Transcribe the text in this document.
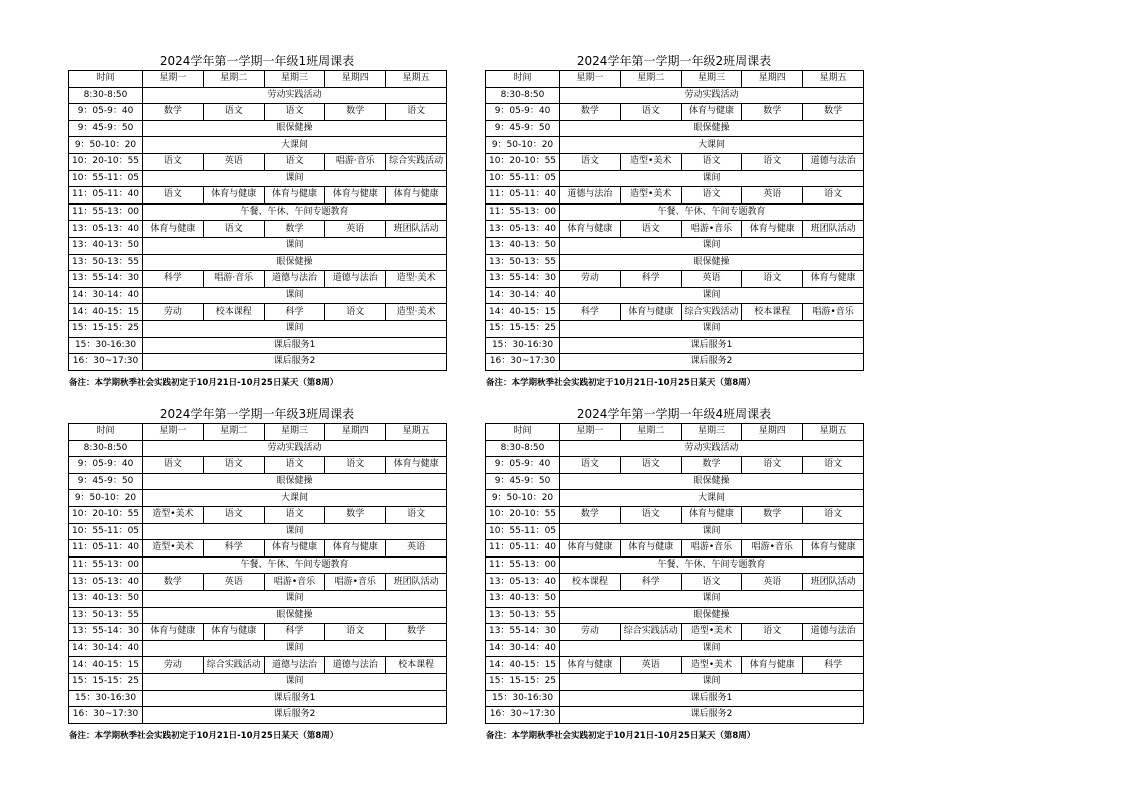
2024学年第一学期一年级1班周课表
时间	星期一	星期二	星期三	星期四	星期五
8:30-8:50	劳动实践活动				
9：05-9：40	数学	语文	语文	数学	语文
9：45-9：50	眼保健操				
9：50-10：20	大课间				
10：20-10：55	语文	英语	语文	唱游·音乐	综合实践活动
10：55-11：05	课间				
11：05-11：40	语文	体育与健康	体育与健康	体育与健康	体育与健康
11：55-13：00	午餐、午休、午间专题教育				
13：05-13：40	体育与健康	语文	数学	英语	班团队活动
13：40-13：50	课间				
13：50-13：55	眼保健操				
13：55-14：30	科学	唱游·音乐	道德与法治	道德与法治	造型·美术
14：30-14：40	课间				
14：40-15：15	劳动	校本课程	科学	语文	造型·美术
15：15-15：25	课间				
15：30-16:30	课后服务1				
16：30~17:30	课后服务2				
备注：本学期秋季社会实践初定于10月21日-10月25日某天（第8周）
2024学年第一学期一年级2班周课表
时间	星期一	星期二	星期三	星期四	星期五
8:30-8:50	劳动实践活动				
9：05-9：40	数学	语文	体育与健康	数学	数学
9：45-9：50	眼保健操				
9：50-10：20	大课间				
10：20-10：55	语文	造型•美术	语文	语文	道德与法治
10：55-11：05	课间				
11：05-11：40	道德与法治	造型•美术	语文	英语	语文
11：55-13：00	午餐、午休、午间专题教育				
13：05-13：40	体育与健康	语文	唱游•音乐	体育与健康	班团队活动
13：40-13：50	课间				
13：50-13：55	眼保健操				
13：55-14：30	劳动	科学	英语	语文	体育与健康
14：30-14：40	课间				
14：40-15：15	科学	体育与健康	综合实践活动	校本课程	唱游•音乐
15：15-15：25	课间				
15：30-16:30	课后服务1				
16：30~17:30	课后服务2				
备注：本学期秋季社会实践初定于10月21日-10月25日某天（第8周）
2024学年第一学期一年级3班周课表
时间	星期一	星期二	星期三	星期四	星期五
8:30-8:50	劳动实践活动				
9：05-9：40	语文	语文	语文	语文	体育与健康
9：45-9：50	眼保健操				
9：50-10：20	大课间				
10：20-10：55	造型•美术	语文	语文	数学	语文
10：55-11：05	课间				
11：05-11：40	造型•美术	科学	体育与健康	体育与健康	英语
11：55-13：00	午餐、午休、午间专题教育				
13：05-13：40	数学	英语	唱游•音乐	唱游•音乐	班团队活动
13：40-13：50	课间				
13：50-13：55	眼保健操				
13：55-14：30	体育与健康	体育与健康	科学	语文	数学
14：30-14：40	课间				
14：40-15：15	劳动	综合实践活动	道德与法治	道德与法治	校本课程
15：15-15：25	课间				
15：30-16:30	课后服务1				
16：30~17:30	课后服务2				
备注：本学期秋季社会实践初定于10月21日-10月25日某天（第8周）
2024学年第一学期一年级4班周课表
时间	星期一	星期二	星期三	星期四	星期五
8:30-8:50	劳动实践活动				
9：05-9：40	语文	语文	数学	语文	语文
9：45-9：50	眼保健操				
9：50-10：20	大课间				
10：20-10：55	数学	语文	体育与健康	数学	语文
10：55-11：05	课间				
11：05-11：40	体育与健康	体育与健康	唱游•音乐	唱游•音乐	体育与健康
11：55-13：00	午餐、午休、午间专题教育				
13：05-13：40	校本课程	科学	语文	英语	班团队活动
13：40-13：50	课间				
13：50-13：55	眼保健操				
13：55-14：30	劳动	综合实践活动	造型•美术	语文	道德与法治
14：30-14：40	课间				
14：40-15：15	体育与健康	英语	造型•美术	体育与健康	科学
15：15-15：25	课间				
15：30-16:30	课后服务1				
16：30~17:30	课后服务2				
备注：本学期秋季社会实践初定于10月21日-10月25日某天（第8周）
